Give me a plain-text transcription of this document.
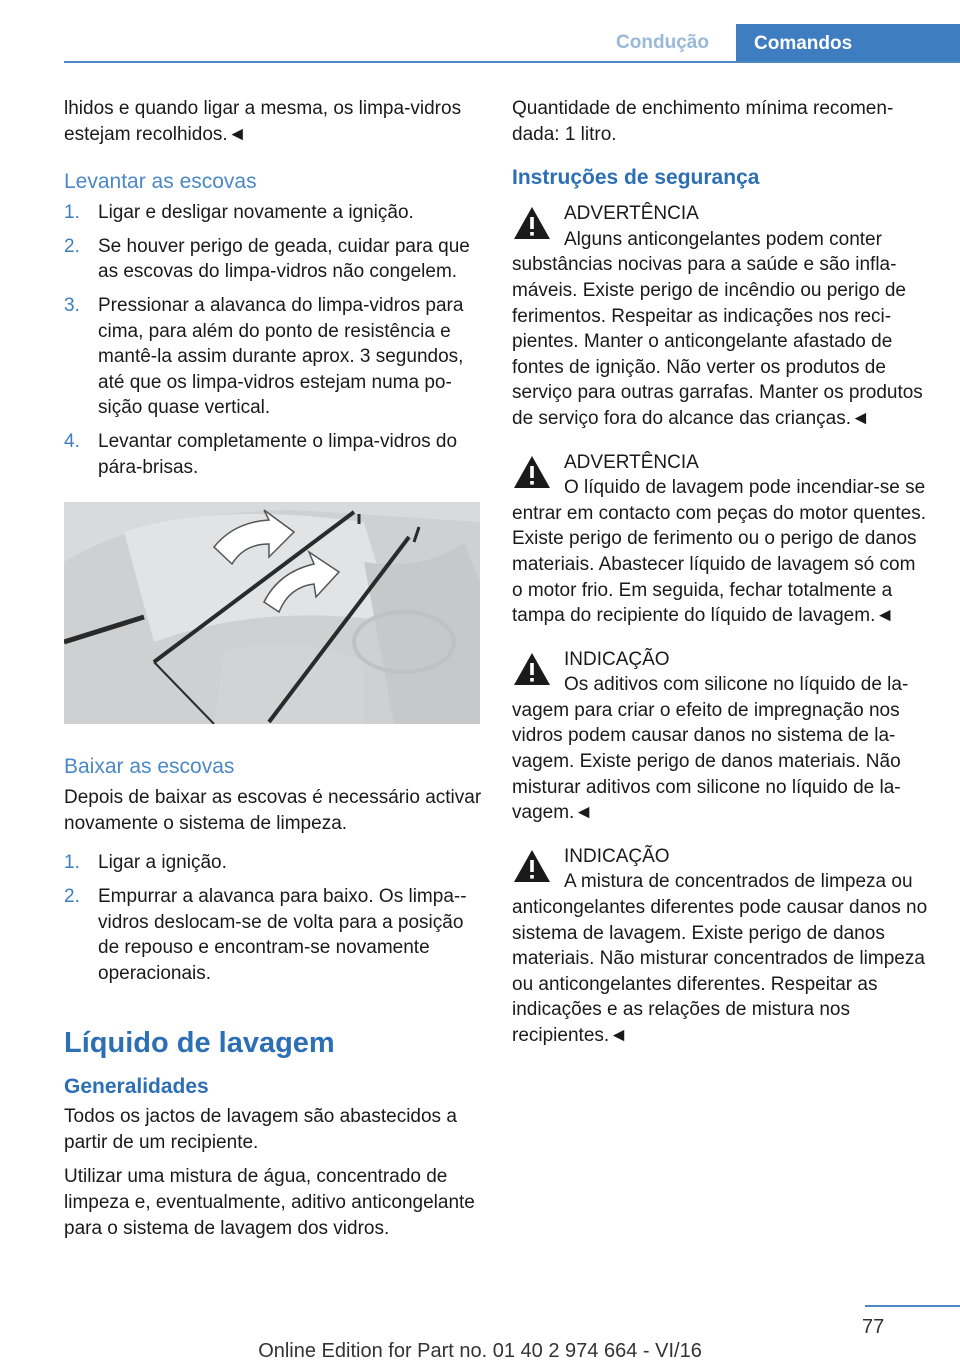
Condução	Comandos

lhidos e quando ligar a mesma, os limpa-vidros estejam recolhidos.◄

Levantar as escovas
1. Ligar e desligar novamente a ignição.
2. Se houver perigo de geada, cuidar para que as escovas do limpa-vidros não congelem.
3. Pressionar a alavanca do limpa-vidros para cima, para além do ponto de resistência e mantê-la assim durante aprox. 3 segundos, até que os limpa-vidros estejam numa posição quase vertical.
4. Levantar completamente o limpa-vidros do pára-brisas.
Baixar as escovas

Depois de baixar as escovas é necessário activar novamente o sistema de limpeza.

1. Ligar a ignição.
2. Empurrar a alavanca para baixo. Os limpa--vidros deslocam-se de volta para a posição de repouso e encontram-se novamente operacionais.
Líquido de lavagem
Generalidades

Todos os jactos de lavagem são abastecidos a partir de um recipiente.

Utilizar uma mistura de água, concentrado de limpeza e, eventualmente, aditivo anticongelante para o sistema de lavagem dos vidros.

Quantidade de enchimento mínima recomendada: 1 litro.

Instruções de segurança
ADVERTÊNCIA
Alguns anticongelantes podem conter substâncias nocivas para a saúde e são inflamáveis. Existe perigo de incêndio ou perigo de ferimentos. Respeitar as indicações nos recipientes. Manter o anticongelante afastado de fontes de ignição. Não verter os produtos de serviço para outras garrafas. Manter os produtos de serviço fora do alcance das crianças.◄
ADVERTÊNCIA
O líquido de lavagem pode incendiar-se se entrar em contacto com peças do motor quentes. Existe perigo de ferimento ou o perigo de danos materiais. Abastecer líquido de lavagem só com o motor frio. Em seguida, fechar totalmente a tampa do recipiente do líquido de lavagem.◄
INDICAÇÃO
Os aditivos com silicone no líquido de lavagem para criar o efeito de impregnação nos vidros podem causar danos no sistema de lavagem. Existe perigo de danos materiais. Não misturar aditivos com silicone no líquido de lavagem.◄
INDICAÇÃO
A mistura de concentrados de limpeza ou anticongelantes diferentes pode causar danos no sistema de lavagem. Existe perigo de danos materiais. Não misturar concentrados de limpeza ou anticongelantes diferentes. Respeitar as indicações e as relações de mistura nos recipientes.◄
77
Online Edition for Part no. 01 40 2 974 664 - VI/16
